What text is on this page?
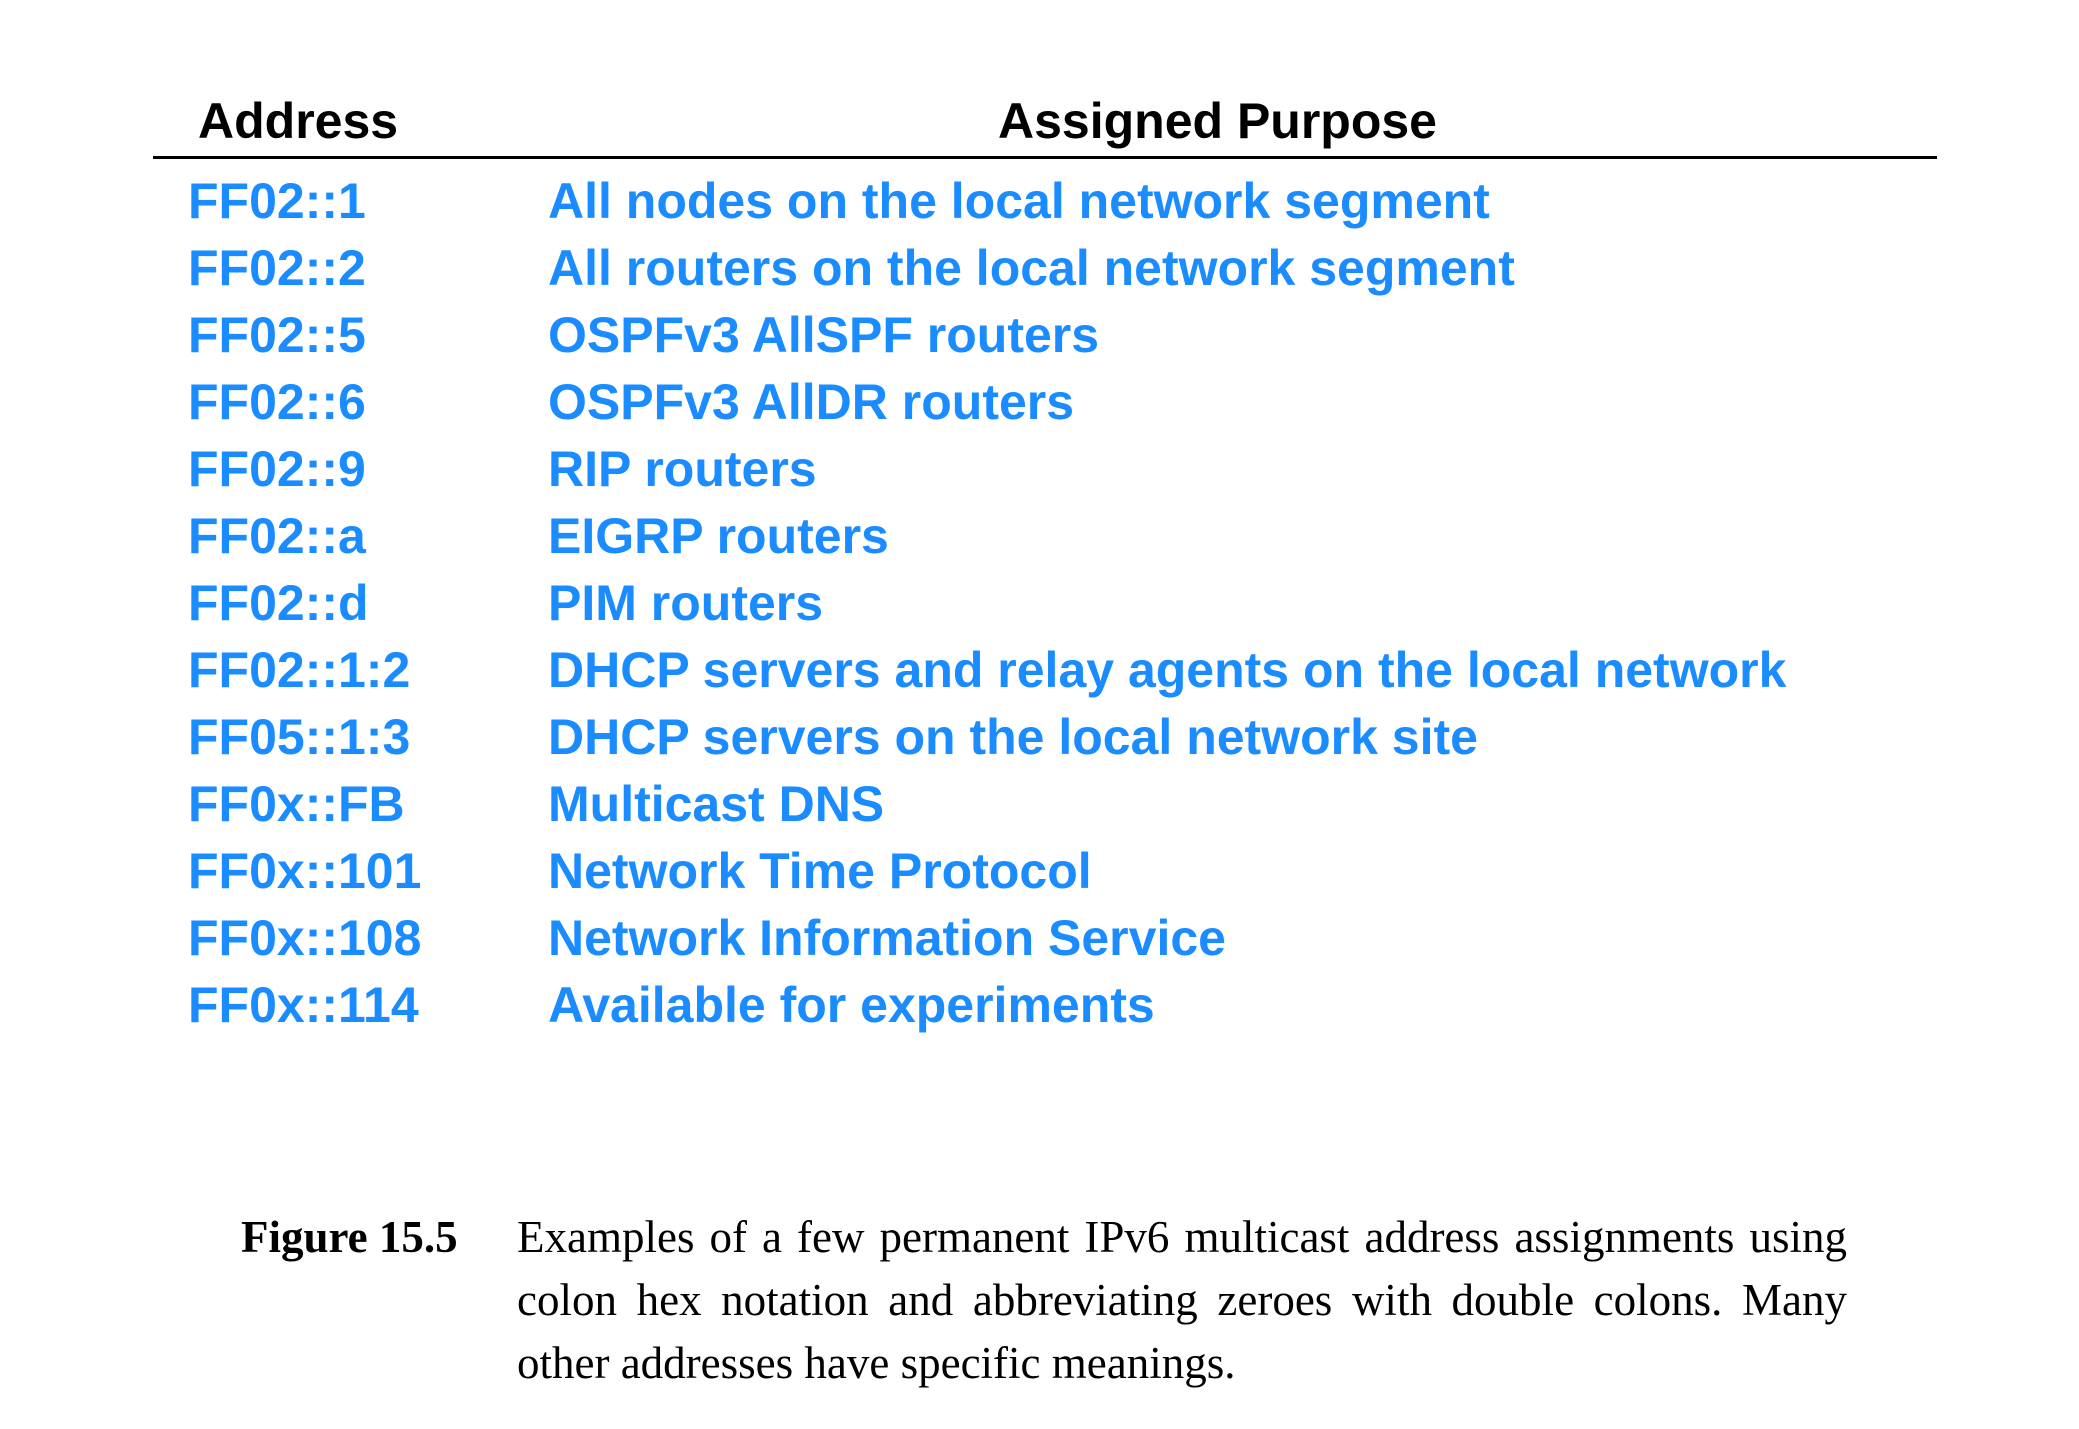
Address	Assigned Purpose
FF02::1	All nodes on the local network segment
FF02::2	All routers on the local network segment
FF02::5	OSPFv3 AllSPF routers
FF02::6	OSPFv3 AllDR routers
FF02::9	RIP routers
FF02::a	EIGRP routers
FF02::d	PIM routers
FF02::1:2	DHCP servers and relay agents on the local network
FF05::1:3	DHCP servers on the local network site
FF0x::FB	Multicast DNS
FF0x::101	Network Time Protocol
FF0x::108	Network Information Service
FF0x::114	Available for experiments
Figure 15.5 Examples of a few permanent IPv6 multicast address assignments using colon hex notation and abbreviating zeroes with double colons. Many other addresses have specific meanings.
